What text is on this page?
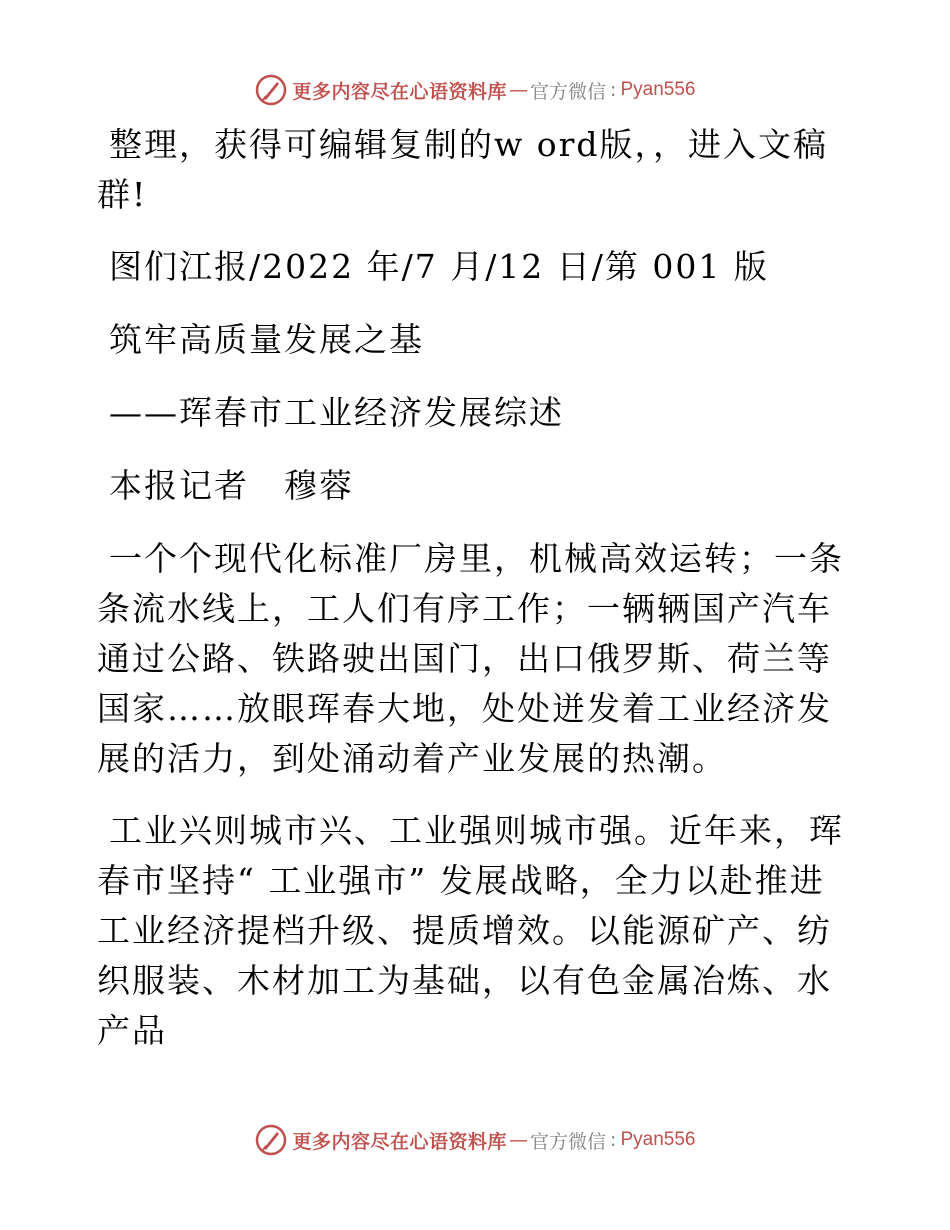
更多内容尽在心语资料库 — 官方微信 : Pyan556

整理，获得可编辑复制的w ord版，，进入文稿群!

图们江报/2022 年/7 月/12 日/第 001 版

筑牢高质量发展之基

——珲春市工业经济发展综述

本报记者　穆蓉

一个个现代化标准厂房里，机械高效运转；一条条流水线上，工人们有序工作；一辆辆国产汽车通过公路、铁路驶出国门，出口俄罗斯、荷兰等国家……放眼珲春大地，处处迸发着工业经济发展的活力，到处涌动着产业发展的热潮。

工业兴则城市兴、工业强则城市强。近年来，珲春市坚持“ 工业强市” 发展战略，全力以赴推进工业经济提档升级、提质增效。以能源矿产、纺织服装、木材加工为基础，以有色金属冶炼、水产品

更多内容尽在心语资料库 — 官方微信 : Pyan556
